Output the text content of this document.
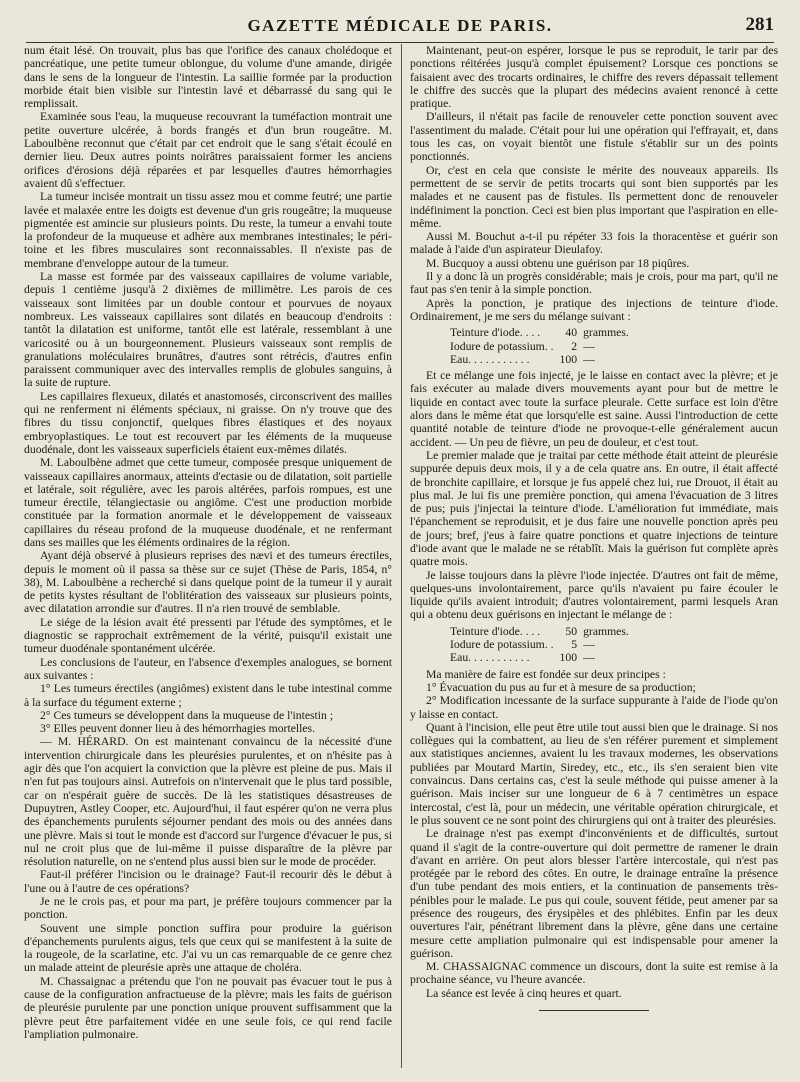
GAZETTE MÉDICALE DE PARIS.	281

num était lésé. On trouvait, plus bas que l'orifice des canaux cholédoque et pancréatique, une petite tumeur oblongue, du volume d'une amande, dirigée dans le sens de la longueur de l'intestin. La saillie formée par la production morbide était bien visible sur l'intestin lavé et débarrassé du sang qui le remplissait.

Examinée sous l'eau, la muqueuse recouvrant la tuméfaction montrait une petite ouverture ulcérée, à bords frangés et d'un brun rougeâtre. M. Laboulbène reconnut que c'était par cet endroit que le sang s'était écoulé en dernier lieu. Deux autres points noirâtres paraissaient former les anciens orifices d'érosions déjà réparées et par lesquelles d'autres hémorrhagies avaient dû s'effectuer.

La tumeur incisée montrait un tissu assez mou et comme feutré; une partie lavée et malaxée entre les doigts est devenue d'un gris rougeâtre; la muqueuse pigmentée est amincie sur plusieurs points. Du reste, la tumeur a envahi toute la profondeur de la muqueuse et adhère aux membranes intestinales; le péri-toine et les fibres musculaires sont reconnaissables. Il n'existe pas de membrane d'enveloppe autour de la tumeur.

La masse est formée par des vaisseaux capillaires de volume variable, depuis 1 centième jusqu'à 2 dixièmes de millimètre. Les parois de ces vaisseaux sont limitées par un double contour et pourvues de noyaux nombreux. Les vaisseaux capillaires sont dilatés en beaucoup d'endroits : tantôt la dilatation est uniforme, tantôt elle est latérale, ressemblant à une varicosité ou à un bourgeonnement. Plusieurs vaisseaux sont remplis de granulations moléculaires brunâtres, d'autres sont rétrécis, d'autres enfin paraissent communiquer avec des intervalles remplis de globules sanguins, à la suite de rupture.

Les capillaires flexueux, dilatés et anastomosés, circonscrivent des mailles qui ne renferment ni éléments spéciaux, ni graisse. On n'y trouve que des fibres du tissu conjonctif, quelques fibres élastiques et des noyaux embryoplastiques. Le tout est recouvert par les éléments de la muqueuse duodénale, dont les vaisseaux superficiels étaient eux-mêmes dilatés.

M. Laboulbène admet que cette tumeur, composée presque uniquement de vaisseaux capillaires anormaux, atteints d'ectasie ou de dilatation, soit partielle et latérale, soit régulière, avec les parois altérées, parfois rompues, est une tumeur érectile, télangiectasie ou angiôme. C'est une production morbide constituée par la formation anormale et le développement de vaisseaux capillaires du réseau profond de la muqueuse duodénale, et ne renfermant dans ses mailles que les éléments ordinaires de la région.

Ayant déjà observé à plusieurs reprises des nævi et des tumeurs érectiles, depuis le moment où il passa sa thèse sur ce sujet (Thèse de Paris, 1854, n° 38), M. Laboulbène a recherché si dans quelque point de la tumeur il y aurait de petits kystes résultant de l'oblitération des vaisseaux sur plusieurs points, avec dilatation arrondie sur d'autres. Il n'a rien trouvé de semblable.

Le siége de la lésion avait été pressenti par l'étude des symptômes, et le diagnostic se rapprochait extrêmement de la vérité, puisqu'il existait une tumeur duodénale spontanément ulcérée.

Les conclusions de l'auteur, en l'absence d'exemples analogues, se bornent aux suivantes :

1° Les tumeurs érectiles (angiômes) existent dans le tube intestinal comme à la surface du tégument externe ;

2° Ces tumeurs se développent dans la muqueuse de l'intestin ;

3° Elles peuvent donner lieu à des hémorrhagies mortelles.

— M. HÉRARD. On est maintenant convaincu de la nécessité d'une intervention chirurgicale dans les pleurésies purulentes, et on n'hésite pas à agir dès que l'on acquiert la conviction que la plèvre est pleine de pus. Mais il n'en fut pas toujours ainsi. Autrefois on n'intervenait que le plus tard possible, car on n'espérait guère de succès. De là les statistiques désastreuses de Dupuytren, Astley Cooper, etc. Aujourd'hui, il faut espérer qu'on ne verra plus des épanchements purulents séjourner pendant des mois ou des années dans une plèvre. Mais si tout le monde est d'accord sur l'urgence d'évacuer le pus, si nul ne croit plus que de lui-même il puisse disparaître de la plèvre par résolution naturelle, on ne s'entend plus aussi bien sur le mode de procéder.

Faut-il préférer l'incision ou le drainage? Faut-il recourir dès le début à l'une ou à l'autre de ces opérations?

Je ne le crois pas, et pour ma part, je préfère toujours commencer par la ponction.

Souvent une simple ponction suffira pour produire la guérison d'épanchements purulents aigus, tels que ceux qui se manifestent à la suite de la rougeole, de la scarlatine, etc. J'ai vu un cas remarquable de ce genre chez un malade atteint de pleurésie après une attaque de choléra.

M. Chassaignac a prétendu que l'on ne pouvait pas évacuer tout le pus à cause de la configuration anfractueuse de la plèvre; mais les faits de guérison de pleurésie purulente par une ponction unique prouvent suffisamment que la plèvre peut être parfaitement vidée en une seule fois, ce qui rend facile l'ampliation pulmonaire.

Maintenant, peut-on espérer, lorsque le pus se reproduit, le tarir par des ponctions réitérées jusqu'à complet épuisement? Lorsque ces ponctions se faisaient avec des trocarts ordinaires, le chiffre des revers dépassait tellement le chiffre des succès que la plupart des médecins avaient renoncé à cette pratique.

D'ailleurs, il n'était pas facile de renouveler cette ponction souvent avec l'assentiment du malade. C'était pour lui une opération qui l'effrayait, et, dans tous les cas, on voyait bientôt une fistule s'établir sur un des points ponctionnés.

Or, c'est en cela que consiste le mérite des nouveaux appareils. Ils permettent de se servir de petits trocarts qui sont bien supportés par les malades et ne causent pas de fistules. Ils permettent donc de renouveler indéfiniment la ponction. Ceci est bien plus important que l'aspiration en elle-même.

Aussi M. Bouchut a-t-il pu répéter 33 fois la thoracentèse et guérir son malade à l'aide d'un aspirateur Dieulafoy.

M. Bucquoy a aussi obtenu une guérison par 18 piqûres.

Il y a donc là un progrès considérable; mais je crois, pour ma part, qu'il ne faut pas s'en tenir à la simple ponction.

Après la ponction, je pratique des injections de teinture d'iode. Ordinairement, je me sers du mélange suivant :

Teinture d'iode. . . .	40	grammes.
Iodure de potassium. .	2	—
Eau. . . . . . . . . . .	100	—

Et ce mélange une fois injecté, je le laisse en contact avec la plèvre; et je fais exécuter au malade divers mouvements ayant pour but de mettre le liquide en contact avec toute la surface pleurale. Cette surface est loin d'être alors dans le même état que lorsqu'elle est saine. Aussi l'introduction de cette quantité notable de teinture d'iode ne provoque-t-elle généralement aucun accident. — Un peu de fièvre, un peu de douleur, et c'est tout.

Le premier malade que je traitai par cette méthode était atteint de pleurésie suppurée depuis deux mois, il y a de cela quatre ans. En outre, il était affecté de bronchite capillaire, et lorsque je fus appelé chez lui, rue Drouot, il était au plus mal. Je lui fis une première ponction, qui amena l'évacuation de 3 litres de pus; puis j'injectai la teinture d'iode. L'amélioration fut immédiate, mais l'épanchement se reproduisit, et je dus faire une nouvelle ponction après peu de jours; bref, j'eus à faire quatre ponctions et quatre injections de teinture d'iode avant que le malade ne se rétablît. Mais la guérison fut complète après quatre mois.

Je laisse toujours dans la plèvre l'iode injectée. D'autres ont fait de même, quelques-uns involontairement, parce qu'ils n'avaient pu faire écouler le liquide qu'ils avaient introduit; d'autres volontairement, parmi lesquels Aran qui a obtenu deux guérisons en injectant le mélange de :

Teinture d'iode. . . .	50	grammes.
Iodure de potassium. .	5	—
Eau. . . . . . . . . . .	100	—

Ma manière de faire est fondée sur deux principes :

1° Évacuation du pus au fur et à mesure de sa production;

2° Modification incessante de la surface suppurante à l'aide de l'iode qu'on y laisse en contact.

Quant à l'incision, elle peut être utile tout aussi bien que le drainage. Si nos collègues qui la combattent, au lieu de s'en référer purement et simplement aux statistiques anciennes, avaient lu les travaux modernes, les observations publiées par Moutard Martin, Siredey, etc., etc., ils s'en seraient bien vite convaincus. Dans certains cas, c'est la seule méthode qui puisse amener à la guérison. Mais inciser sur une longueur de 6 à 7 centimètres un espace intercostal, c'est là, pour un médecin, une véritable opération chirurgicale, et le plus souvent ce ne sont point des chirurgiens qui ont à traiter des pleurésies.

Le drainage n'est pas exempt d'inconvénients et de difficultés, surtout quand il s'agit de la contre-ouverture qui doit permettre de ramener le drain d'avant en arrière. On peut alors blesser l'artère intercostale, qui n'est pas protégée par le rebord des côtes. En outre, le drainage entraîne la présence d'un tube pendant des mois entiers, et la continuation de pansements très-pénibles pour le malade. Le pus qui coule, souvent fétide, peut amener par sa présence des rougeurs, des érysipèles et des phlébites. Enfin par les deux ouvertures l'air, pénétrant librement dans la plèvre, gêne dans une certaine mesure cette ampliation pulmonaire qui est indispensable pour amener la guérison.

M. CHASSAIGNAC commence un discours, dont la suite est remise à la prochaine séance, vu l'heure avancée.

La séance est levée à cinq heures et quart.
